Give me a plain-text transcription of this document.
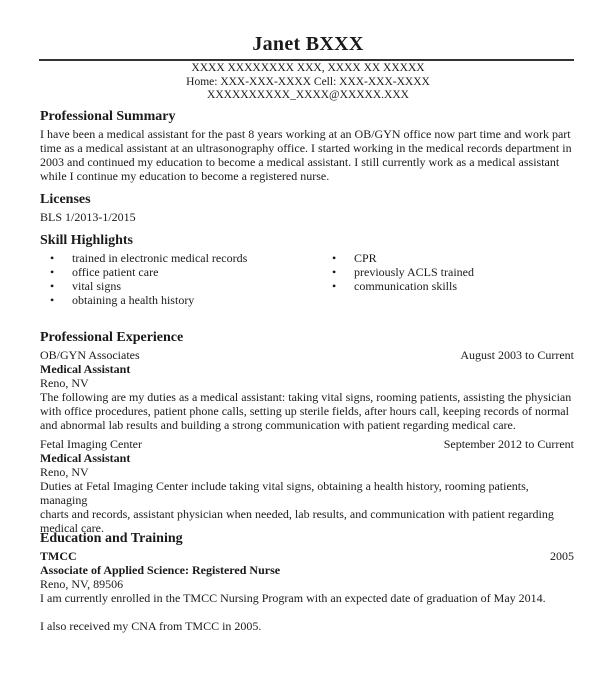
Janet BXXX
XXXX XXXXXXXX XXX, XXXX XX XXXXX
Home: XXX-XXX-XXXX Cell: XXX-XXX-XXXX
XXXXXXXXXX_XXXX@XXXXX.XXX
Professional Summary

I have been a medical assistant for the past 8 years working at an OB/GYN office now part time and work part

time as a medical assistant at an ultrasonography office. I started working in the medical records department in

2003 and continued my education to become a medical assistant. I still currently work as a medical assistant

while I continue my education to become a registered nurse.

Licenses

BLS 1/2013-1/2015

Skill Highlights
• trained in electronic medical records
• office patient care
• vital signs
• obtaining a health history
• CPR
• previously ACLS trained
• communication skills
Professional Experience
OB/GYN Associates	August 2003 to Current
Medical Assistant
Reno, NV

The following are my duties as a medical assistant: taking vital signs, rooming patients, assisting the physician

with office procedures, patient phone calls, setting up sterile fields, after hours call, keeping records of normal

and abnormal lab results and building a strong communication with patient regarding medical care.

Fetal Imaging Center	September 2012 to Current
Medical Assistant
Reno, NV

Duties at Fetal Imaging Center include taking vital signs, obtaining a health history, rooming patients, managing

charts and records, assistant physician when needed, lab results, and communication with patient regarding

medical care.

Education and Training
TMCC	2005
Associate of Applied Science: Registered Nurse
Reno, NV, 89506

I am currently enrolled in the TMCC Nursing Program with an expected date of graduation of May 2014.

I also received my CNA from TMCC in 2005.
